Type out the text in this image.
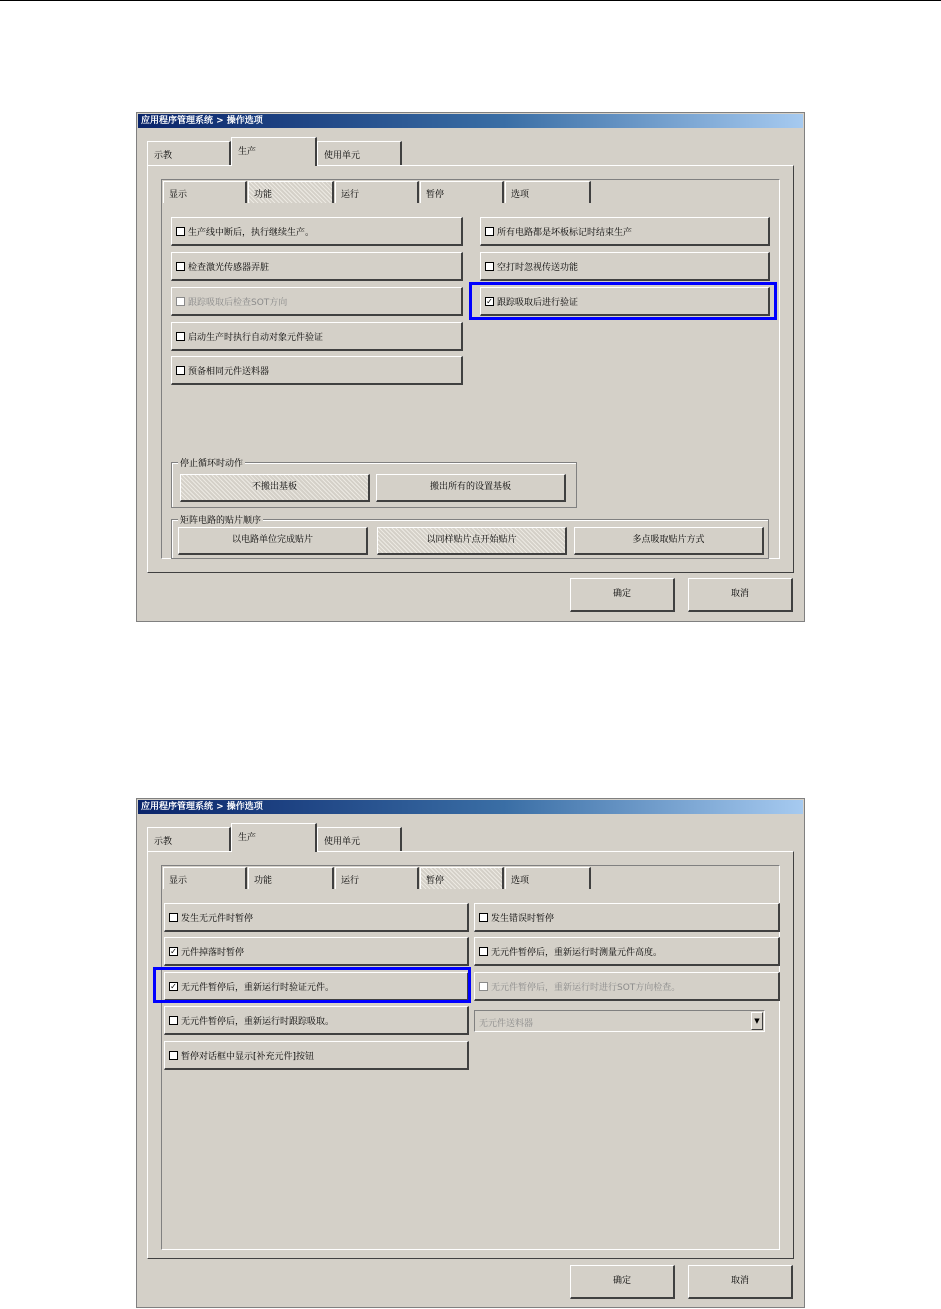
应用程序管理系统 > 操作选项
示教	生产	使用单元
显示	功能	运行	暂停	选项
生产线中断后，执行继续生产。
检查激光传感器弄脏
跟踪吸取后检查SOT方向
启动生产时执行自动对象元件验证
预备相同元件送料器
所有电路都是坏板标记时结束生产
空打时忽视传送功能
✓ 跟踪吸取后进行验证
停止循环时动作
不搬出基板	搬出所有的设置基板
矩阵电路的贴片顺序
以电路单位完成贴片	以同样贴片点开始贴片	多点吸取贴片方式
确定	取消
应用程序管理系统 > 操作选项
示教	生产	使用单元
显示	功能	运行	暂停	选项
发生无元件时暂停
✓ 元件掉落时暂停
✓ 无元件暂停后，重新运行时验证元件。
无元件暂停后，重新运行时跟踪吸取。
暂停对话框中显示[补充元件]按钮
发生错误时暂停
无元件暂停后，重新运行时测量元件高度。
无元件暂停后，重新运行时进行SOT方向检查。
无元件送料器	▼
确定	取消
